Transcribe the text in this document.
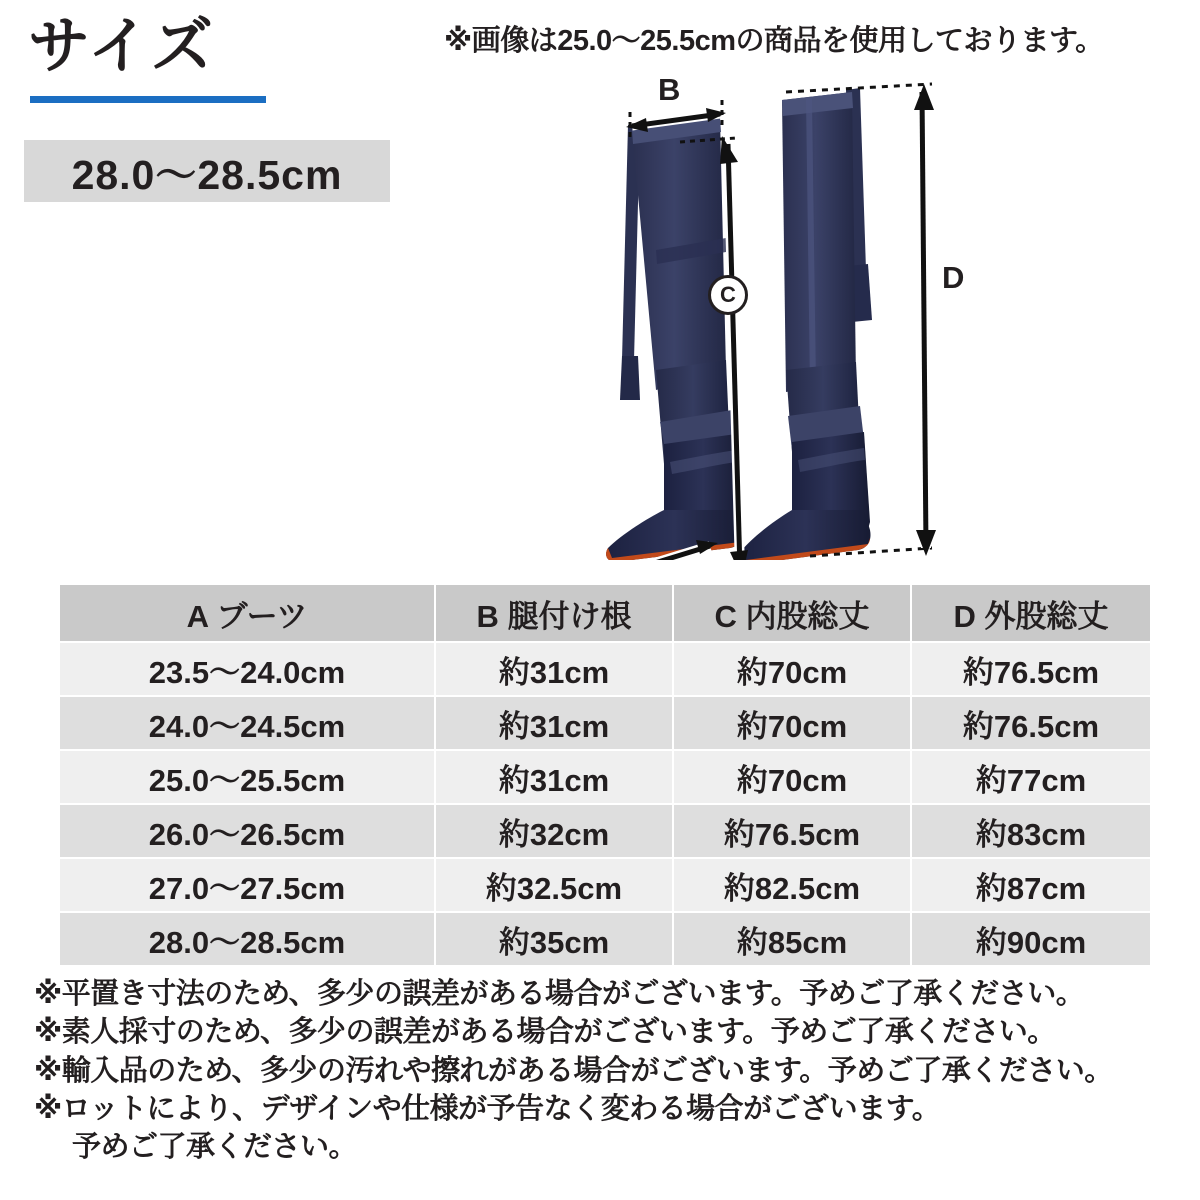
サイズ
28.0～28.5cm
※画像は25.0～25.5cmの商品を使用しております。
B
C	D
A ブーツ	B 腿付け根	C 内股総丈	D 外股総丈
23.5～24.0cm	約31cm	約70cm	約76.5cm
24.0～24.5cm	約31cm	約70cm	約76.5cm
25.0～25.5cm	約31cm	約70cm	約77cm
26.0～26.5cm	約32cm	約76.5cm	約83cm
27.0～27.5cm	約32.5cm	約82.5cm	約87cm
28.0～28.5cm	約35cm	約85cm	約90cm
※平置き寸法のため、多少の誤差がある場合がございます。予めご了承ください。
※素人採寸のため、多少の誤差がある場合がございます。予めご了承ください。
※輸入品のため、多少の汚れや擦れがある場合がございます。予めご了承ください。
※ロットにより、デザインや仕様が予告なく変わる場合がございます。
予めご了承ください。
